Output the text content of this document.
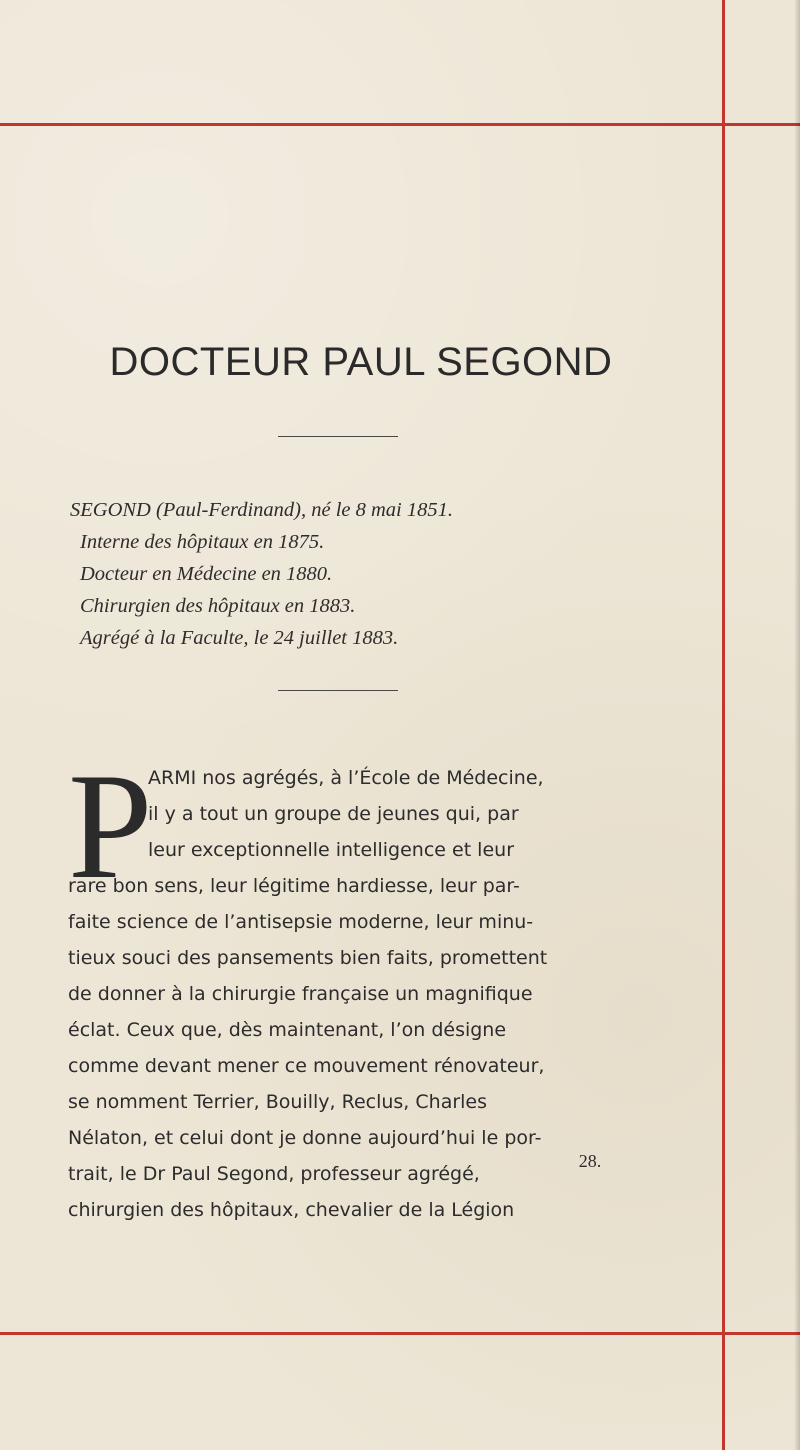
DOCTEUR PAUL SEGOND
SEGOND (Paul-Ferdinand), né le 8 mai 1851.
Interne des hôpitaux en 1875.
Docteur en Médecine en 1880.
Chirurgien des hôpitaux en 1883.
Agrégé à la Faculte, le 24 juillet 1883.
P
ARMI nos agrégés, à l’École de Médecine,
il y a tout un groupe de jeunes qui, par
leur exceptionnelle intelligence et leur
rare bon sens, leur légitime hardiesse, leur par-
faite science de l’antisepsie moderne, leur minu-
tieux souci des pansements bien faits, promettent
de donner à la chirurgie française un magnifique
éclat. Ceux que, dès maintenant, l’on désigne
comme devant mener ce mouvement rénovateur,
se nomment Terrier, Bouilly, Reclus, Charles
Nélaton, et celui dont je donne aujourd’hui le por-
trait, le Dr Paul Segond, professeur agrégé,
chirurgien des hôpitaux, chevalier de la Légion
28.
